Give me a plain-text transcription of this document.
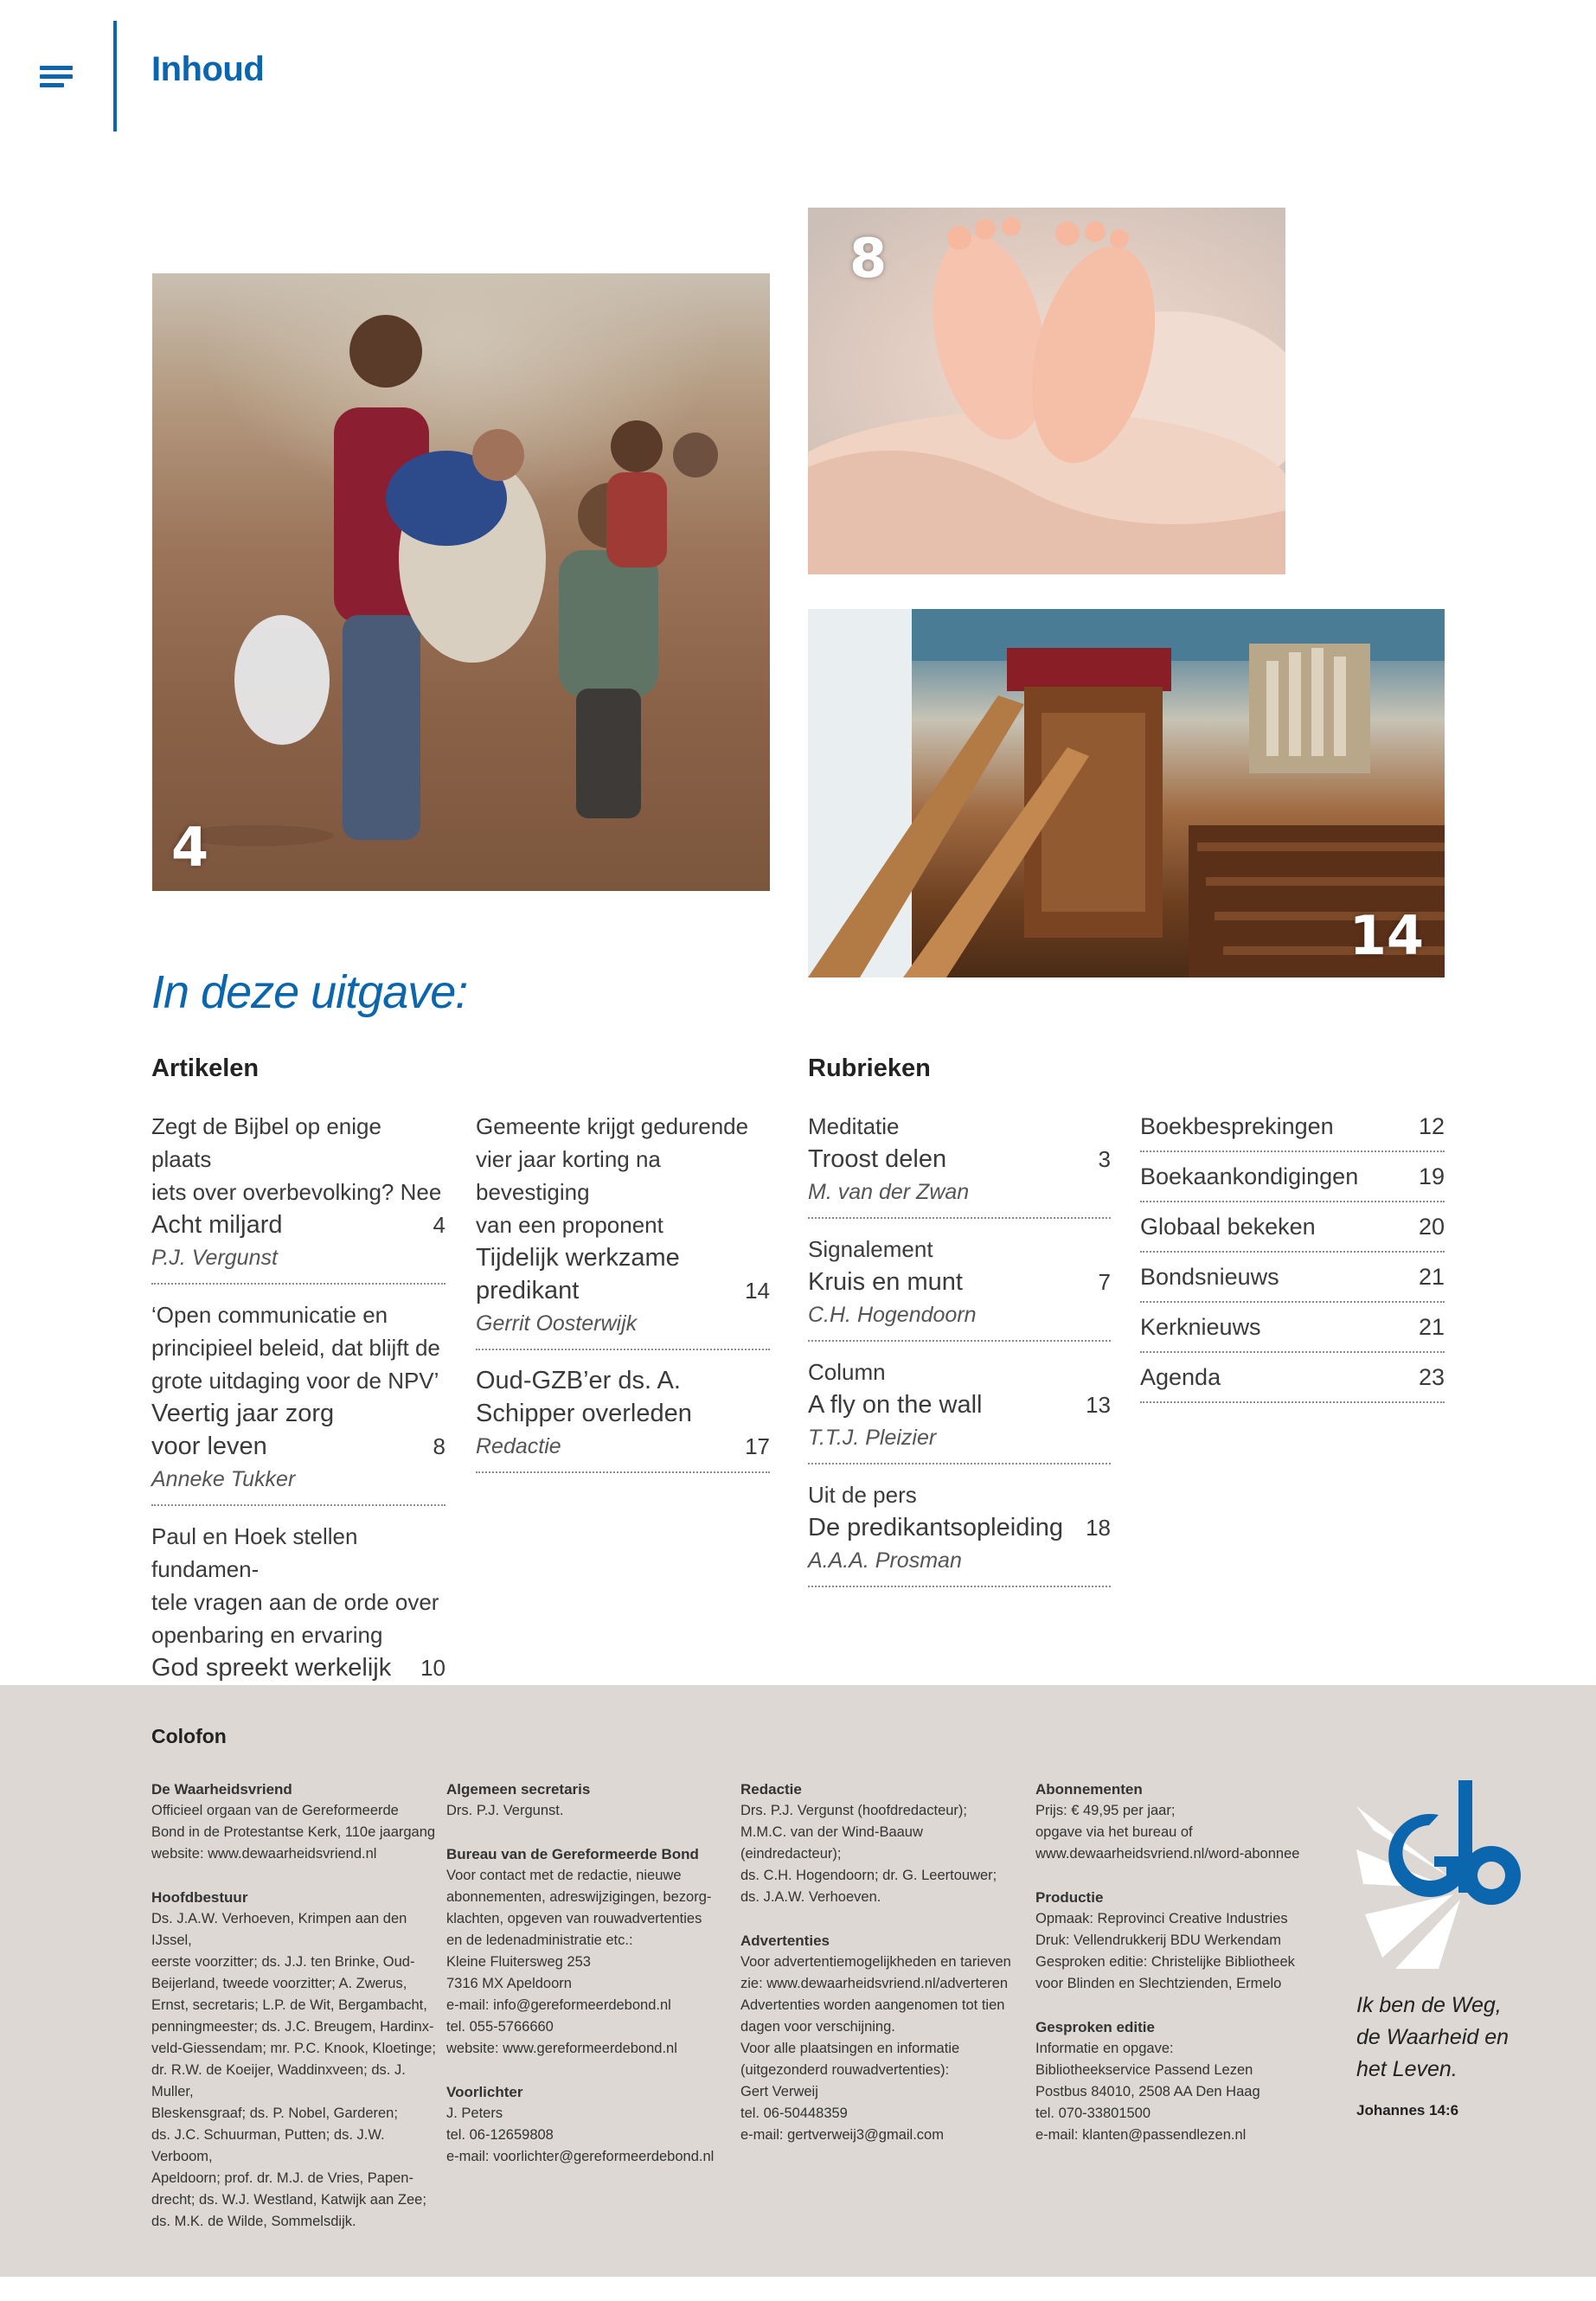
Inhoud
4
8
14
In deze uitgave:
Artikelen	Rubrieken
Zegt de Bijbel op enige plaats
iets over overbevolking? Nee
Acht miljard	4
P.J. Vergunst
‘Open communicatie en
principieel beleid, dat blijft de
grote uitdaging voor de NPV’
Veertig jaar zorg
voor leven	8
Anneke Tukker
Paul en Hoek stellen fundamen-
tele vragen aan de orde over
openbaring en ervaring
God spreekt werkelijk	10
Gemeente krijgt gedurende
vier jaar korting na bevestiging
van een proponent
Tijdelijk werkzame
predikant	14
Gerrit Oosterwijk
Oud-GZB’er ds. A.
Schipper overleden
Redactie	17
Meditatie
Troost delen	3
M. van der Zwan
Signalement
Kruis en munt	7
C.H. Hogendoorn
Column
A fly on the wall	13
T.T.J. Pleizier
Uit de pers
De predikantsopleiding	18
A.A.A. Prosman
Boekbesprekingen	12
Boekaankondigingen	19
Globaal bekeken	20
Bondsnieuws	21
Kerknieuws	21
Agenda	23
Colofon
De Waarheidsvriend

Officieel orgaan van de Gereformeerde
Bond in de Protestantse Kerk, 110e jaargang
website: www.dewaarheidsvriend.nl

Hoofdbestuur

Ds. J.A.W. Verhoeven, Krimpen aan den IJssel,
eerste voorzitter; ds. J.J. ten Brinke, Oud-
Beijerland, tweede voorzitter; A. Zwerus,
Ernst, secretaris; L.P. de Wit, Bergambacht,
penningmeester; ds. J.C. Breugem, Hardinx-
veld-Giessendam; mr. P.C. Knook, Kloetinge;
dr. R.W. de Koeijer, Waddinxveen; ds. J. Muller,
Bleskensgraaf; ds. P. Nobel, Garderen;
ds. J.C. Schuurman, Putten; ds. J.W. Verboom,
Apeldoorn; prof. dr. M.J. de Vries, Papen-
drecht; ds. W.J. Westland, Katwijk aan Zee;
ds. M.K. de Wilde, Sommelsdijk.

Algemeen secretaris

Drs. P.J. Vergunst.

Bureau van de Gereformeerde Bond

Voor contact met de redactie, nieuwe
abonnementen, adreswijzigingen, bezorg-
klachten, opgeven van rouwadvertenties
en de ledenadministratie etc.:
Kleine Fluitersweg 253
7316 MX Apeldoorn
e-mail: info@gereformeerdebond.nl
tel. 055-5766660
website: www.gereformeerdebond.nl

Voorlichter

J. Peters
tel. 06-12659808
e-mail: voorlichter@gereformeerdebond.nl

Redactie

Drs. P.J. Vergunst (hoofdredacteur);
M.M.C. van der Wind-Baauw (eindredacteur);
ds. C.H. Hogendoorn; dr. G. Leertouwer;
ds. J.A.W. Verhoeven.

Advertenties

Voor advertentiemogelijkheden en tarieven
zie: www.dewaarheidsvriend.nl/adverteren
Advertenties worden aangenomen tot tien
dagen voor verschijning.
Voor alle plaatsingen en informatie
(uitgezonderd rouwadvertenties):
Gert Verweij
tel. 06-50448359
e-mail: gertverweij3@gmail.com

Abonnementen

Prijs: € 49,95 per jaar;
opgave via het bureau of
www.dewaarheidsvriend.nl/word-abonnee

Productie

Opmaak: Reprovinci Creative Industries
Druk: Vellendrukkerij BDU Werkendam
Gesproken editie: Christelijke Bibliotheek
voor Blinden en Slechtzienden, Ermelo

Gesproken editie

Informatie en opgave:
Bibliotheekservice Passend Lezen
Postbus 84010, 2508 AA Den Haag
tel. 070-33801500
e-mail: klanten@passendlezen.nl

Ik ben de Weg,
de Waarheid en
het Leven.
Johannes 14:6
